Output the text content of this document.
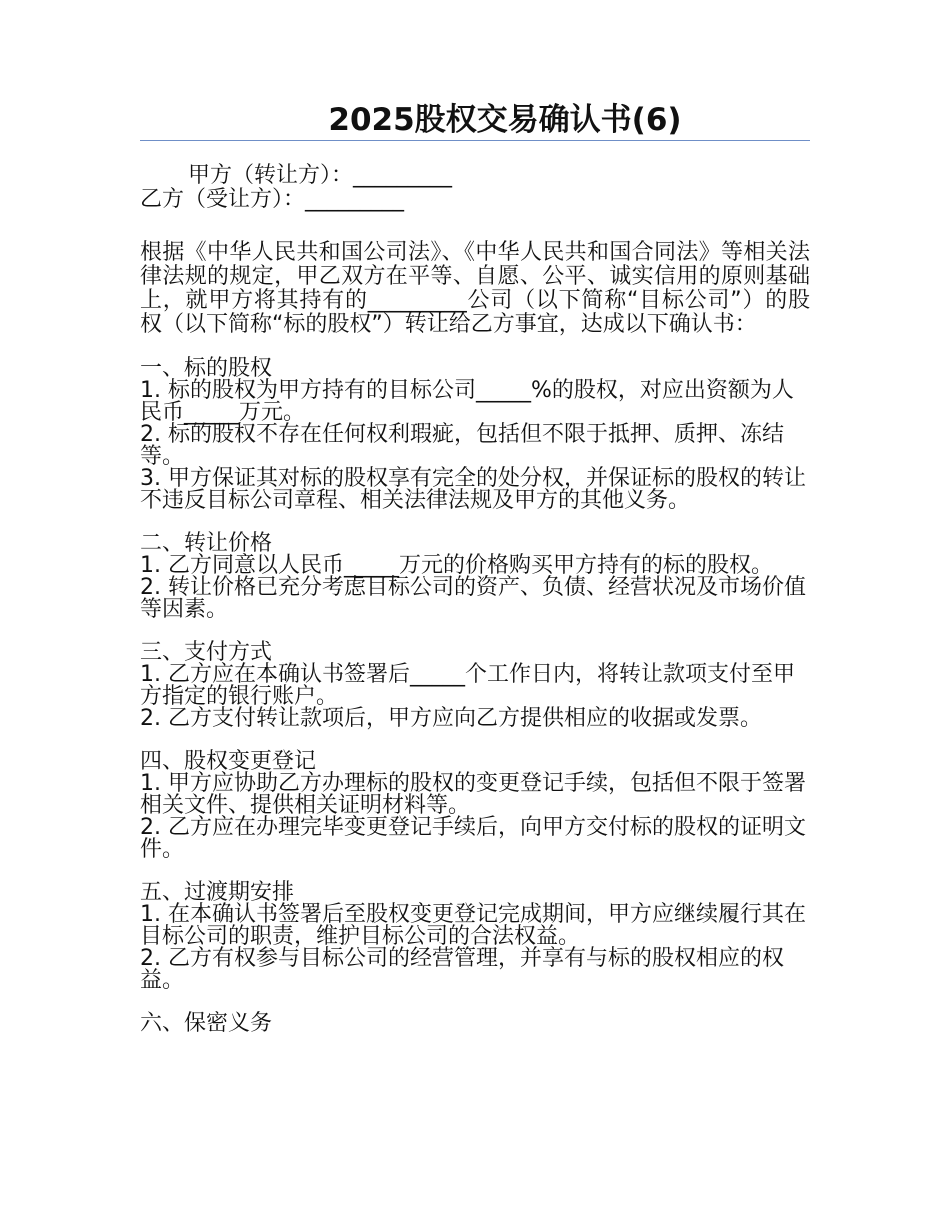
2025股权交易确认书(6)
甲方（转让方）：_________
乙方（受让方）：_________
根据《中华人民共和国公司法》、《中华人民共和国合同法》等相关法律法规的规定，甲乙双方在平等、自愿、公平、诚实信用的原则基础上，就甲方将其持有的_________公司（以下简称“目标公司”）的股权（以下简称“标的股权”）转让给乙方事宜，达成以下确认书：
一、标的股权

1. 标的股权为甲方持有的目标公司_____%的股权，对应出资额为人民币_____万元。

2. 标的股权不存在任何权利瑕疵，包括但不限于抵押、质押、冻结等。

3. 甲方保证其对标的股权享有完全的处分权，并保证标的股权的转让不违反目标公司章程、相关法律法规及甲方的其他义务。

二、转让价格

1. 乙方同意以人民币_____万元的价格购买甲方持有的标的股权。

2. 转让价格已充分考虑目标公司的资产、负债、经营状况及市场价值等因素。

三、支付方式

1. 乙方应在本确认书签署后_____个工作日内，将转让款项支付至甲方指定的银行账户。

2. 乙方支付转让款项后，甲方应向乙方提供相应的收据或发票。

四、股权变更登记

1. 甲方应协助乙方办理标的股权的变更登记手续，包括但不限于签署相关文件、提供相关证明材料等。

2. 乙方应在办理完毕变更登记手续后，向甲方交付标的股权的证明文件。

五、过渡期安排

1. 在本确认书签署后至股权变更登记完成期间，甲方应继续履行其在目标公司的职责，维护目标公司的合法权益。

2. 乙方有权参与目标公司的经营管理，并享有与标的股权相应的权益。

六、保密义务
